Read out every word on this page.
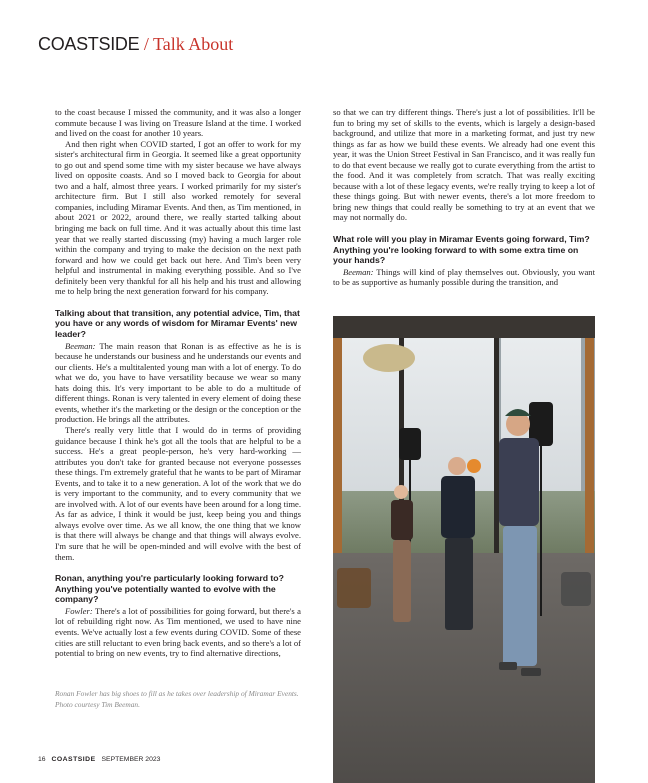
COASTSIDE / Talk About

to the coast because I missed the community, and it was also a longer commute because I was living on Treasure Island at the time. I worked and lived on the coast for another 10 years.

And then right when COVID started, I got an offer to work for my sister's architectural firm in Georgia. It seemed like a great opportunity to go out and spend some time with my sister because we have always lived on opposite coasts. And so I moved back to Georgia for about two and a half, almost three years. I worked primarily for my sister's architecture firm. But I still also worked remotely for several companies, including Miramar Events. And then, as Tim mentioned, in about 2021 or 2022, around there, we really started talking about bringing me back on full time. And it was actually about this time last year that we really started discussing (my) having a much larger role within the company and trying to make the decision on the next path forward and how we could get back out here. And Tim's been very helpful and instrumental in making everything possible. And so I've definitely been very thankful for all his help and his trust and allowing me to help bring the next generation forward for his company.

Talking about that transition, any potential advice, Tim, that you have or any words of wisdom for Miramar Events' new leader?

Beeman: The main reason that Ronan is as effective as he is is because he understands our business and he understands our events and our clients. He's a multitalented young man with a lot of energy. To do what we do, you have to have versatility because we wear so many hats doing this. It's very important to be able to do a multitude of different things. Ronan is very talented in every element of doing these events, whether it's the marketing or the design or the conception or the production. He brings all the attributes.

There's really very little that I would do in terms of providing guidance because I think he's got all the tools that are helpful to be a success. He's a great people-person, he's very hard-working — attributes you don't take for granted because not everyone possesses these things. I'm extremely grateful that he wants to be part of Miramar Events, and to take it to a new generation. A lot of the work that we do is very important to the community, and to every community that we are involved with. A lot of our events have been around for a long time. As far as advice, I think it would be just, keep being you and things always evolve over time. As we all know, the one thing that we know is that there will always be change and that things will always evolve. I'm sure that he will be open-minded and will evolve with the best of them.

Ronan, anything you're particularly looking forward to? Anything you've potentially wanted to evolve with the company?

Fowler: There's a lot of possibilities for going forward, but there's a lot of rebuilding right now. As Tim mentioned, we used to have nine events. We've actually lost a few events during COVID. Some of these cities are still reluctant to even bring back events, and so there's a lot of potential to bring on new events, try to find alternative directions,

so that we can try different things. There's just a lot of possibilities. It'll be fun to bring my set of skills to the events, which is largely a design-based background, and utilize that more in a marketing format, and just try new things as far as how we build these events. We already had one event this year, it was the Union Street Festival in San Francisco, and it was really fun to do that event because we really got to curate everything from the artist to the food. And it was completely from scratch. That was really exciting because with a lot of these legacy events, we're really trying to keep a lot of these things going. But with newer events, there's a lot more freedom to bring new things that could really be something to try at an event that we may not normally do.

What role will you play in Miramar Events going forward, Tim? Anything you're looking forward to with some extra time on your hands?

Beeman: Things will kind of play themselves out. Obviously, you want to be as supportive as humanly possible during the transition, and

Ronan Fowler has big shoes to fill as he takes over leadership of Miramar Events.
Photo courtesy Tim Beeman.
16 COASTSIDE SEPTEMBER 2023
